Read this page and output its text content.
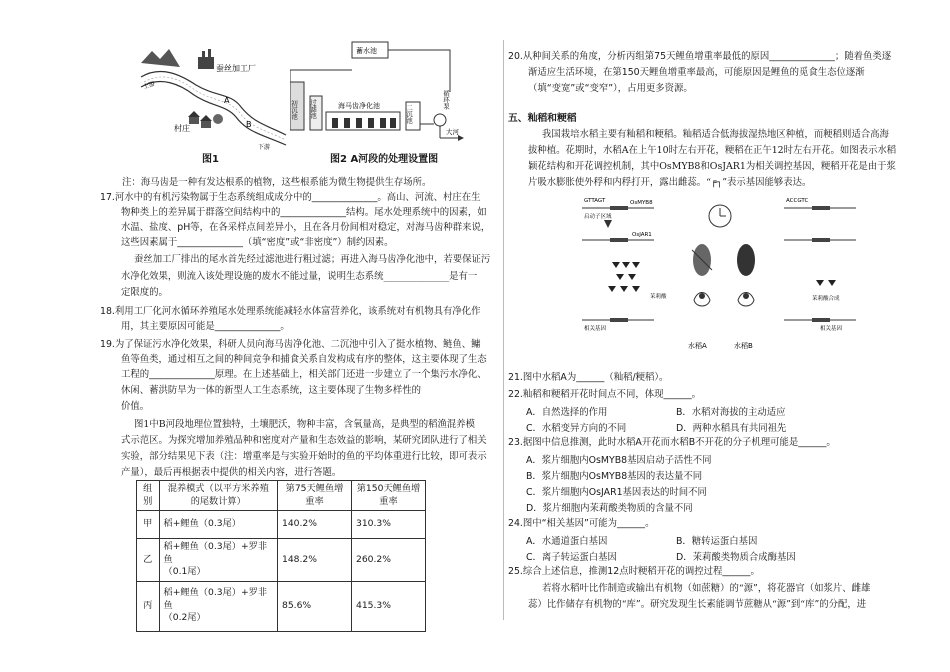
蚕丝加工厂
A
B
村庄
上游
下游
图1
蓄水池
初沉池 过滤池	海马齿净化池	二沉池
循环泵
大河
图2 A河段的处理设置图
注：海马齿是一种有发达根系的植物，这些根系能为微生物提供生存场所。
17.河水中的有机污染物属于生态系统组成成分中的______________。高山、河流、村庄在生
物种类上的差异属于群落空间结构中的______________结构。尾水处理系统中的因素，如
水温、盐度、pH等，在各采样点间差异小，且在各月份间相对稳定，对海马齿种群来说，
这些因素属于______________（填“密度”或“非密度”）制约因素。
蚕丝加工厂排出的尾水首先经过滤池进行粗过滤；再进入海马齿净化池中，若要保证污
水净化效果，则流入该处理设施的废水不能过量，说明生态系统______________是有一
定限度的。
18.利用工厂化河水循环养殖尾水处理系统能减轻水体富营养化，该系统对有机物具有净化作
用，其主要原因可能是______________。
19.为了保证污水净化效果，科研人员向海马齿净化池、二沉池中引入了挺水植物、鲢鱼、鳙
鱼等鱼类，通过相互之间的种间竞争和捕食关系自发构成有序的整体，这主要体现了生态
工程的______________原理。在上述基础上，相关部门还进一步建立了一个集污水净化、
休闲、蓄洪防旱为一体的新型人工生态系统，这主要体现了生物多样性的
价值。
图1中B河段地理位置独特，土壤肥沃，物种丰富，含氧量高，是典型的稻渔混养模
式示范区。为探究增加养殖品种和密度对产量和生态效益的影响，某研究团队进行了相关
实验，部分结果见下表（注：增重率是与实验开始时的鱼的平均体重进行比较，即可表示
产量），最后再根据表中提供的相关内容，进行答题。
组别	混养模式（以平方米养殖的尾数计算）	第75天鲤鱼增重率	第150天鲤鱼增重率
甲	稻+鲤鱼（0.3尾）	140.2%	310.3%
乙	稻+鲤鱼（0.3尾）+罗非鱼
（0.1尾）	148.2%	260.2%
丙	稻+鲤鱼（0.3尾）+罗非鱼
（0.2尾）	85.6%	415.3%
20.从种间关系的角度，分析丙组第75天鲤鱼增重率最低的原因______________；随着鱼类逐
渐适应生活环境，在第150天鲤鱼增重率最高，可能原因是鲤鱼的觅食生态位逐渐
（填“变宽”或“变窄”），占用更多资源。
五、籼稻和粳稻
我国栽培水稻主要有籼稻和粳稻。籼稻适合低海拔湿热地区种植，而粳稻则适合高海
拔种植。花期时，水稻A在上午10时左右开花，粳稻在正午12时左右开花。如图表示水稻
颖花结构和开花调控机制，其中OsMYB8和OsJAR1为相关调控基因，粳稻开花是由于浆
片吸水膨胀使外稃和内稃打开，露出雌蕊。“╒┐”表示基因能够表达。
GTTAGT	OsMYB8
启动子区域
OsJAR1
茉莉酸
相关基因
水稻A	水稻B
ACCGTC
茉莉酸合成
相关基因
21.图中水稻A为______（籼稻/粳稻）。
22.籼稻和粳稻开花时间点不同，体现______。
A．自然选择的作用	B．水稻对海拔的主动适应
C．水稻变异方向的不同	D．两种水稻具有共同祖先
23.据图中信息推测，此时水稻A开花而水稻B不开花的分子机理可能是______。
A．浆片细胞内OsMYB8基因启动子活性不同
B．浆片细胞内OsMYB8基因的表达量不同
C．浆片细胞内OsJAR1基因表达的时间不同
D．浆片细胞内茉莉酸类物质的含量不同
24.图中“相关基因”可能为______。
A．水通道蛋白基因	B．糖转运蛋白基因
C．离子转运蛋白基因	D．茉莉酸类物质合成酶基因
25.综合上述信息，推测12点时粳稻开花的调控过程______。
若将水稻叶比作制造或输出有机物（如蔗糖）的“源”，将花器官（如浆片、雌雄
蕊）比作储存有机物的“库”。研究发现生长素能调节蔗糖从“源”到“库”的分配，进
